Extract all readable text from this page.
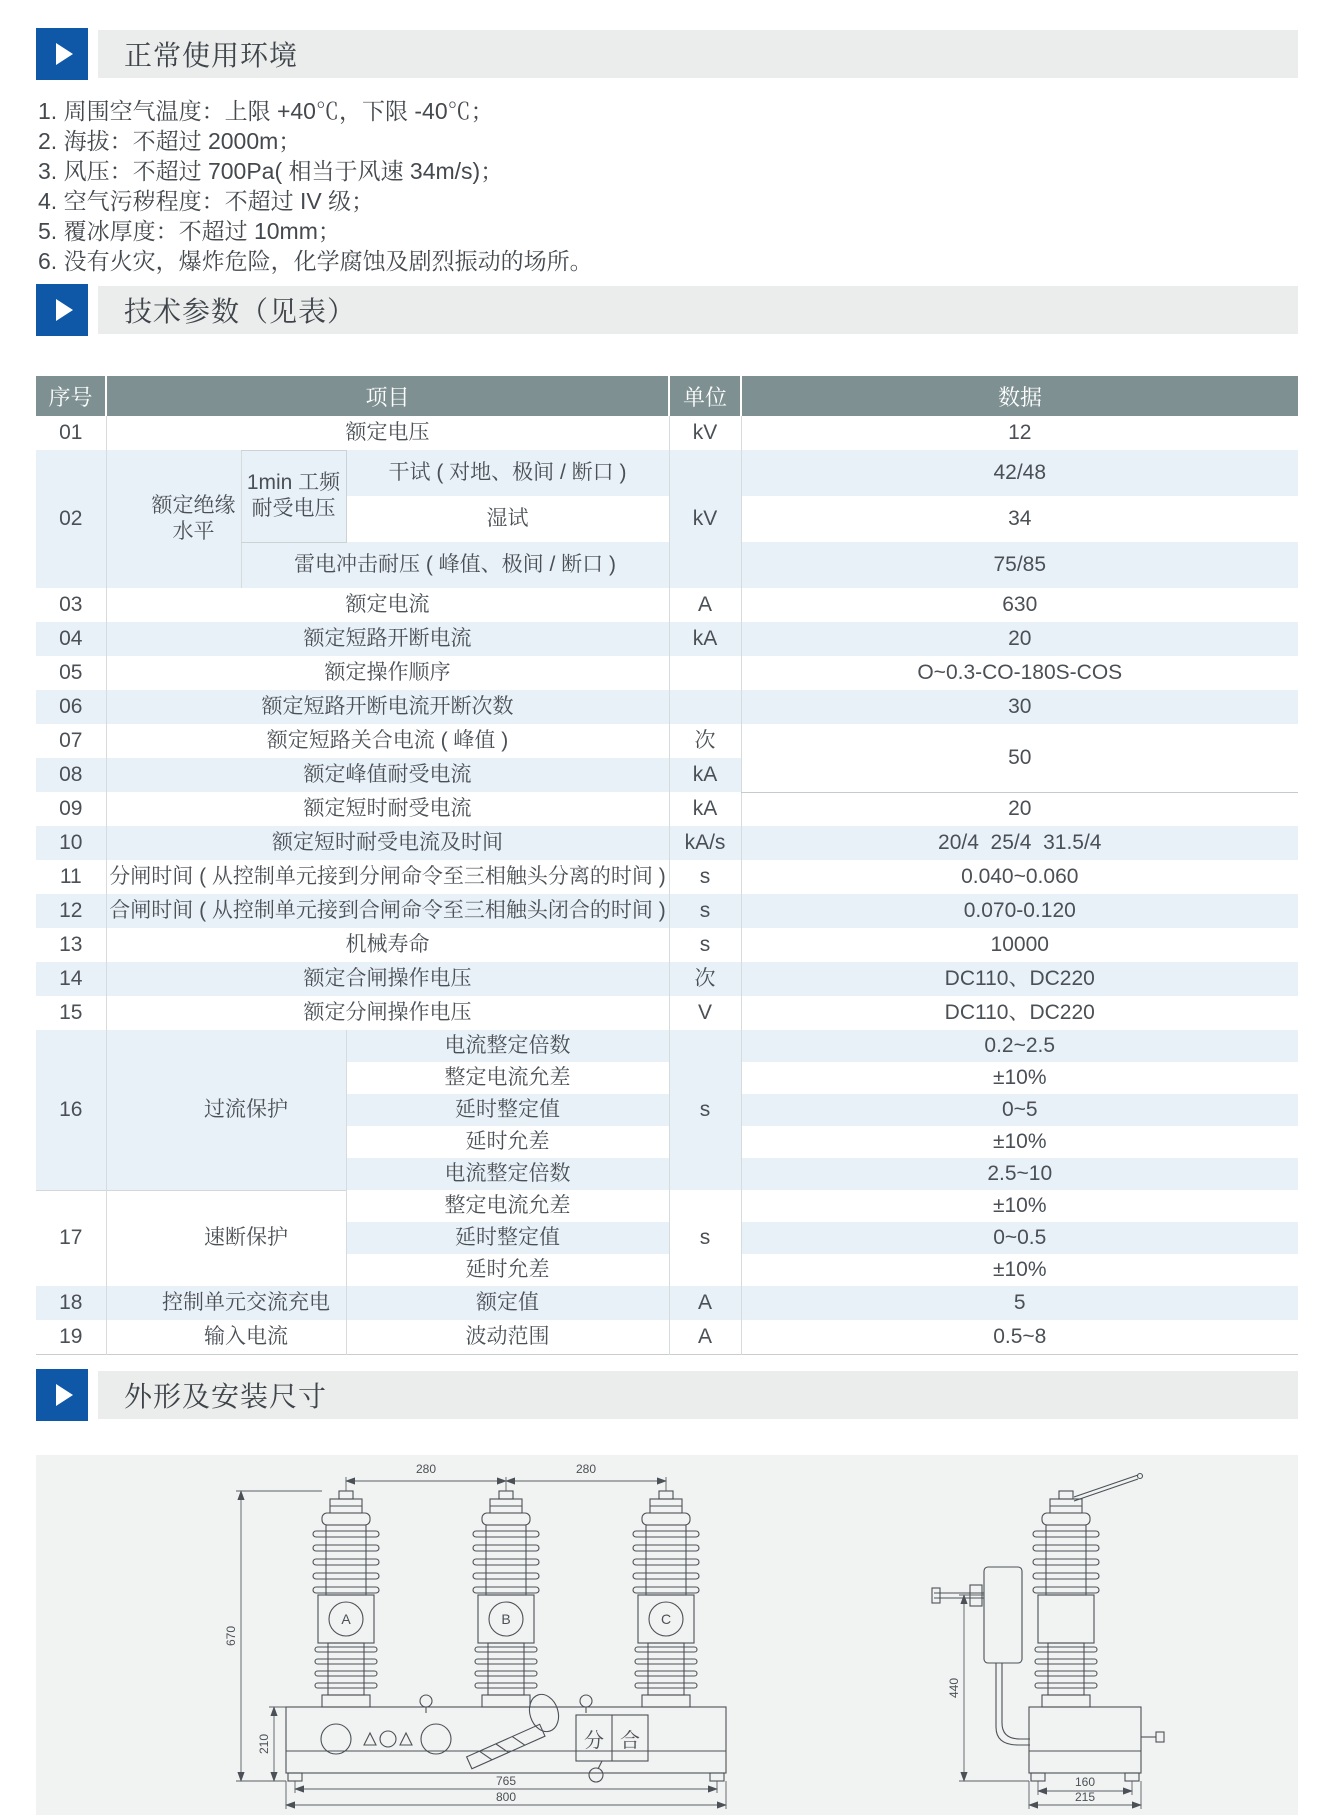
正常使用环境
1. 周围空气温度：上限 +40℃，下限 -40℃；
2. 海拔：不超过 2000m；
3. 风压：不超过 700Pa( 相当于风速 34m/s)；
4. 空气污秽程度：不超过 IV 级；
5. 覆冰厚度：不超过 10mm；
6. 没有火灾，爆炸危险，化学腐蚀及剧烈振动的场所。
技术参数（见表）
序号	项目			单位	数据
01	额定电压			kV	12
02	额定绝缘水平	1min 工频耐受电压	干试 ( 对地、极间 / 断口 )	kV	42/48
			湿试		34
		雷电冲击耐压 ( 峰值、极间 / 断口 )			75/85
03	额定电流			A	630
04	额定短路开断电流			kA	20
05	额定操作顺序				O~0.3-CO-180S-COS
06	额定短路开断电流开断次数				30
07	额定短路关合电流 ( 峰值 )			次	50
08	额定峰值耐受电流			kA	
09	额定短时耐受电流			kA	20
10	额定短时耐受电流及时间			kA/s	20/4  25/4  31.5/4
11	分闸时间 ( 从控制单元接到分闸命令至三相触头分离的时间 )			s	0.040~0.060
12	合闸时间 ( 从控制单元接到合闸命令至三相触头闭合的时间 )			s	0.070-0.120
13	机械寿命			s	10000
14	额定合闸操作电压			次	DC110、DC220
15	额定分闸操作电压			V	DC110、DC220
16	过流保护		电流整定倍数	s	0.2~2.5
			整定电流允差		±10%
			延时整定值		0~5
			延时允差		±10%
			电流整定倍数		2.5~10
17	速断保护		整定电流允差	s	±10%
			延时整定值		0~0.5
			延时允差		±10%
18	控制单元交流充电		额定值	A	5
19	输入电流		波动范围	A	0.5~8
外形及安装尺寸
A	B	C
分 合
280	280
670
210
765
800
440
160
215
